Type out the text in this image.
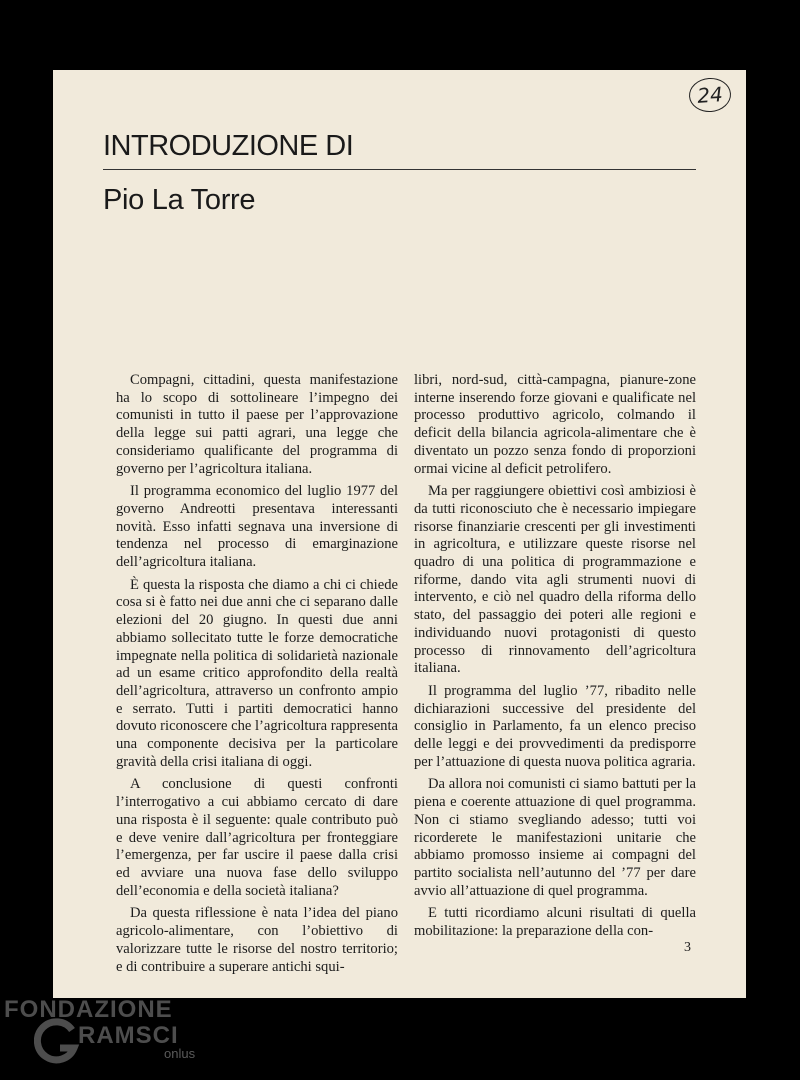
24
INTRODUZIONE DI
Pio La Torre

Compagni, cittadini, questa manifestazione ha lo scopo di sottolineare l’impegno dei comunisti in tutto il paese per l’approvazione della legge sui patti agrari, una legge che consideriamo qualificante del programma di governo per l’agricoltura italiana.

Il programma economico del luglio 1977 del governo Andreotti presentava interessanti novità. Esso infatti segnava una inversione di tendenza nel processo di emarginazione dell’agricoltura italiana.

È questa la risposta che diamo a chi ci chiede cosa si è fatto nei due anni che ci separano dalle elezioni del 20 giugno. In questi due anni abbiamo sollecitato tutte le forze democratiche impegnate nella politica di solidarietà nazionale ad un esame critico approfondito della realtà dell’agricoltura, attraverso un confronto ampio e serrato. Tutti i partiti democratici hanno dovuto riconoscere che l’agricoltura rappresenta una componente decisiva per la particolare gravità della crisi italiana di oggi.

A conclusione di questi confronti l’interrogativo a cui abbiamo cercato di dare una risposta è il seguente: quale contributo può e deve venire dall’agricoltura per fronteggiare l’emergenza, per far uscire il paese dalla crisi ed avviare una nuova fase dello sviluppo dell’economia e della società italiana?

Da questa riflessione è nata l’idea del piano agricolo-alimentare, con l’obiettivo di valorizzare tutte le risorse del nostro territorio; e di contribuire a superare antichi squi-

libri, nord-sud, città-campagna, pianure-zone interne inserendo forze giovani e qualificate nel processo produttivo agricolo, colmando il deficit della bilancia agricola-alimentare che è diventato un pozzo senza fondo di proporzioni ormai vicine al deficit petrolifero.

Ma per raggiungere obiettivi così ambiziosi è da tutti riconosciuto che è necessario impiegare risorse finanziarie crescenti per gli investimenti in agricoltura, e utilizzare queste risorse nel quadro di una politica di programmazione e riforme, dando vita agli strumenti nuovi di intervento, e ciò nel quadro della riforma dello stato, del passaggio dei poteri alle regioni e individuando nuovi protagonisti di questo processo di rinnovamento dell’agricoltura italiana.

Il programma del luglio ’77, ribadito nelle dichiarazioni successive del presidente del consiglio in Parlamento, fa un elenco preciso delle leggi e dei provvedimenti da predisporre per l’attuazione di questa nuova politica agraria.

Da allora noi comunisti ci siamo battuti per la piena e coerente attuazione di quel programma. Non ci stiamo svegliando adesso; tutti voi ricorderete le manifestazioni unitarie che abbiamo promosso insieme ai compagni del partito socialista nell’autunno del ’77 per dare avvio all’attuazione di quel programma.

E tutti ricordiamo alcuni risultati di quella mobilitazione: la preparazione della con-

3
FONDAZIONE
RAMSCI
onlus
